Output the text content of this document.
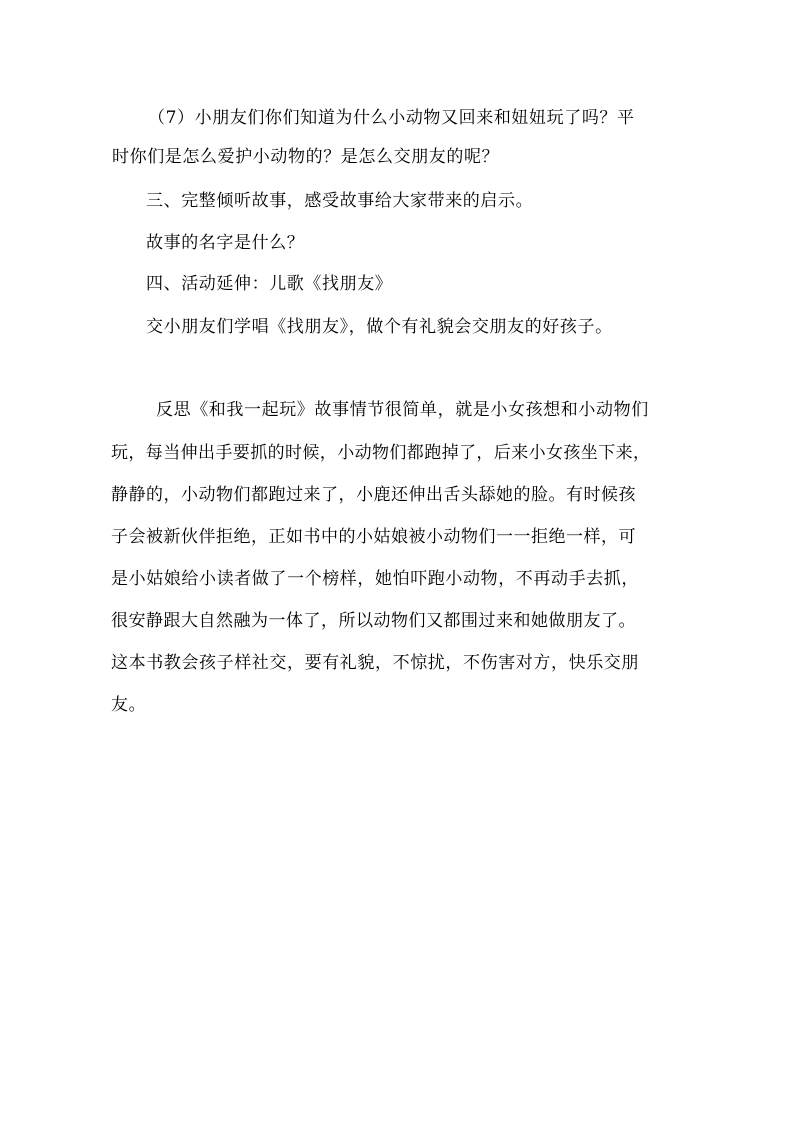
（7）小朋友们你们知道为什么小动物又回来和妞妞玩了吗？平
时你们是怎么爱护小动物的？是怎么交朋友的呢？
三、完整倾听故事，感受故事给大家带来的启示。
故事的名字是什么？
四、活动延伸：儿歌《找朋友》
交小朋友们学唱《找朋友》，做个有礼貌会交朋友的好孩子。
反思《和我一起玩》故事情节很简单，就是小女孩想和小动物们
玩，每当伸出手要抓的时候，小动物们都跑掉了，后来小女孩坐下来，
静静的，小动物们都跑过来了，小鹿还伸出舌头舔她的脸。有时候孩
子会被新伙伴拒绝，正如书中的小姑娘被小动物们一一拒绝一样，可
是小姑娘给小读者做了一个榜样，她怕吓跑小动物，不再动手去抓，
很安静跟大自然融为一体了，所以动物们又都围过来和她做朋友了。
这本书教会孩子样社交，要有礼貌，不惊扰，不伤害对方，快乐交朋
友。
